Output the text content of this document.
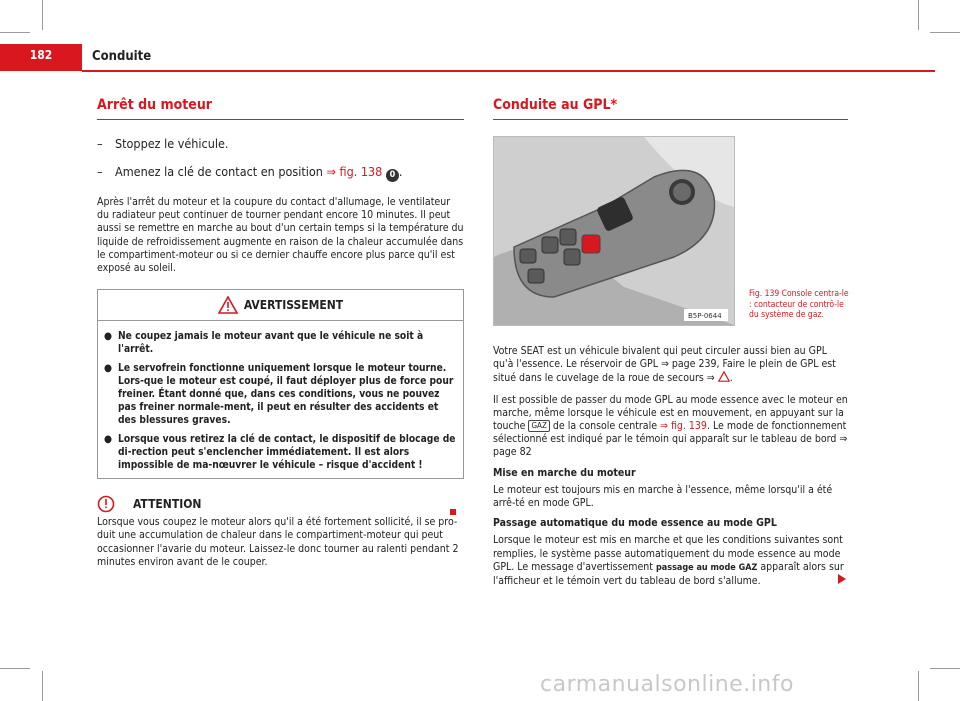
182	Conduite
Arrêt du moteur
– Stoppez le véhicule.
– Amenez la clé de contact en position ⇒ fig. 138 0 .

Après l'arrêt du moteur et la coupure du contact d'allumage, le ventilateur du radiateur peut continuer de tourner pendant encore 10 minutes. Il peut aussi se remettre en marche au bout d'un certain temps si la température du liquide de refroidissement augmente en raison de la chaleur accumulée dans le compartiment-moteur ou si ce dernier chauffe encore plus parce qu'il est exposé au soleil.

AVERTISSEMENT
● Ne coupez jamais le moteur avant que le véhicule ne soit à l'arrêt.
● Le servofrein fonctionne uniquement lorsque le moteur tourne. Lors-que le moteur est coupé, il faut déployer plus de force pour freiner. Étant donné que, dans ces conditions, vous ne pouvez pas freiner normale-ment, il peut en résulter des accidents et des blessures graves.
● Lorsque vous retirez la clé de contact, le dispositif de blocage de di-rection peut s'enclencher immédiatement. Il est alors impossible de ma-nœuvrer le véhicule – risque d'accident !
ATTENTION

Lorsque vous coupez le moteur alors qu'il a été fortement sollicité, il se pro-duit une accumulation de chaleur dans le compartiment-moteur qui peut occasionner l'avarie du moteur. Laissez-le donc tourner au ralenti pendant 2 minutes environ avant de le couper.

Conduite au GPL*
B5P-0644
Fig. 139 Console centra-le : contacteur de contrô-le du système de gaz.

Votre SEAT est un véhicule bivalent qui peut circuler aussi bien au GPL qu'à l'essence. Le réservoir de GPL ⇒ page 239, Faire le plein de GPL est situé dans le cuvelage de la roue de secours ⇒ .

Il est possible de passer du mode GPL au mode essence avec le moteur en marche, même lorsque le véhicule est en mouvement, en appuyant sur la touche GAZ de la console centrale ⇒ fig. 139. Le mode de fonctionnement sélectionné est indiqué par le témoin qui apparaît sur le tableau de bord ⇒ page 82

Mise en marche du moteur

Le moteur est toujours mis en marche à l'essence, même lorsqu'il a été arrê-té en mode GPL.

Passage automatique du mode essence au mode GPL

Lorsque le moteur est mis en marche et que les conditions suivantes sont remplies, le système passe automatiquement du mode essence au mode GPL. Le message d'avertissement passage au mode GAZ apparaît alors sur l'afficheur et le témoin vert du tableau de bord s'allume.

carmanualsonline.info
